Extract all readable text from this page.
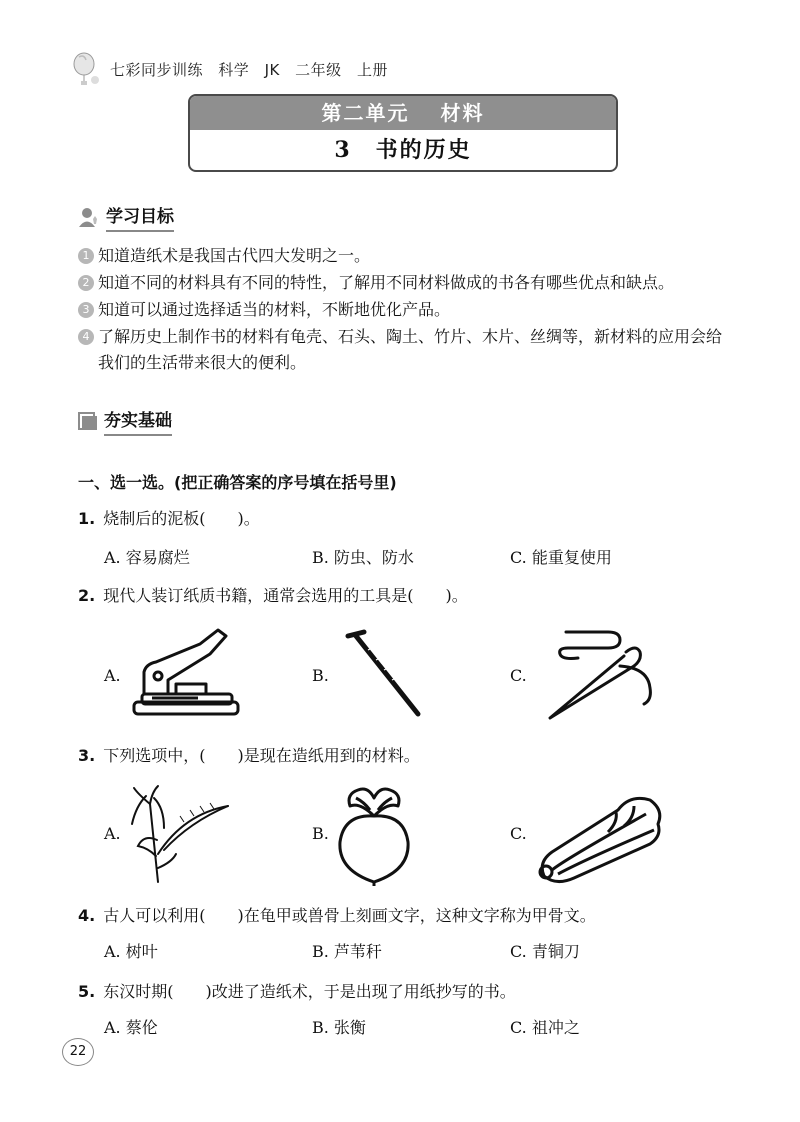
七彩同步训练 科学 JK 二年级 上册
第二单元　 材料
3　书的历史
学习目标
1 知道造纸术是我国古代四大发明之一。
2 知道不同的材料具有不同的特性，了解用不同材料做成的书各有哪些优点和缺点。
3 知道可以通过选择适当的材料，不断地优化产品。
4 了解历史上制作书的材料有龟壳、石头、陶土、竹片、木片、丝绸等，新材料的应用会给我们的生活带来很大的便利。
夯实基础
一、选一选。(把正确答案的序号填在括号里)
1. 烧制后的泥板(　　)。
A. 容易腐烂	B. 防虫、防水	C. 能重复使用
2. 现代人装订纸质书籍，通常会选用的工具是(　　)。
A.	B.	C.
3. 下列选项中，(　　)是现在造纸用到的材料。
A.	B.	C.
4. 古人可以利用(　　)在龟甲或兽骨上刻画文字，这种文字称为甲骨文。
A. 树叶	B. 芦苇秆	C. 青铜刀
5. 东汉时期(　　)改进了造纸术，于是出现了用纸抄写的书。
A. 蔡伦	B. 张衡	C. 祖冲之
22
